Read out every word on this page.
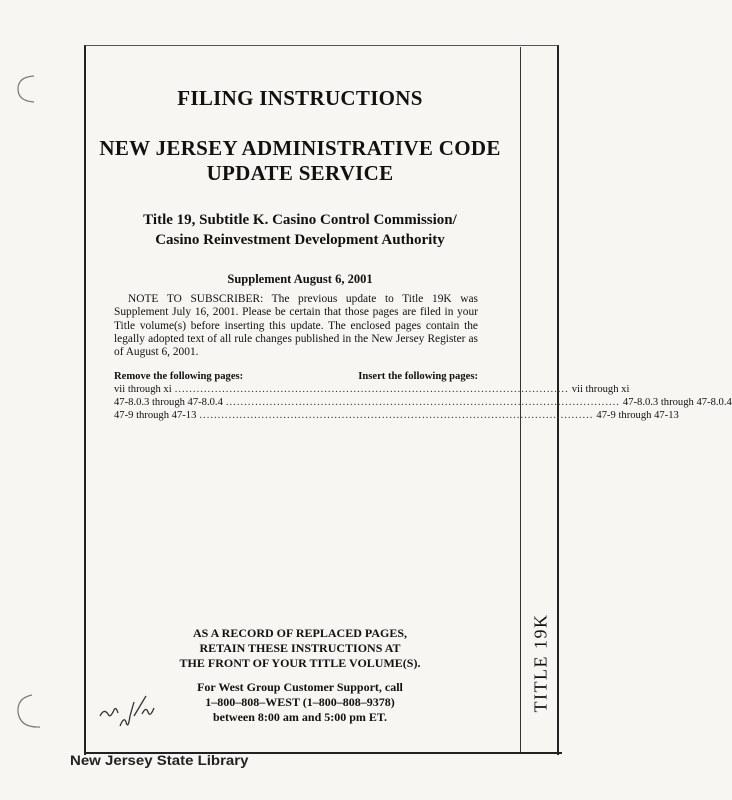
FILING INSTRUCTIONS
NEW JERSEY ADMINISTRATIVE CODE
UPDATE SERVICE
Title 19, Subtitle K. Casino Control Commission/
Casino Reinvestment Development Authority
Supplement August 6, 2001
NOTE TO SUBSCRIBER: The previous update to Title 19K was Supplement July 16, 2001. Please be certain that those pages are filed in your Title volume(s) before inserting this update. The enclosed pages contain the legally adopted text of all rule changes published in the New Jersey Register as of August 6, 2001.
Remove the following pages:	Insert the following pages:
vii through xi ............................................................................................................ vii through xi
47-8.0.3 through 47-8.0.4 ............................................................................................................ 47-8.0.3 through 47-8.0.4
47-9 through 47-13 ............................................................................................................ 47-9 through 47-13
AS A RECORD OF REPLACED PAGES,
RETAIN THESE INSTRUCTIONS AT
THE FRONT OF YOUR TITLE VOLUME(S).
For West Group Customer Support, call
1–800–808–WEST (1–800–808–9378)
between 8:00 am and 5:00 pm ET.
TITLE 19K
New Jersey State Library
